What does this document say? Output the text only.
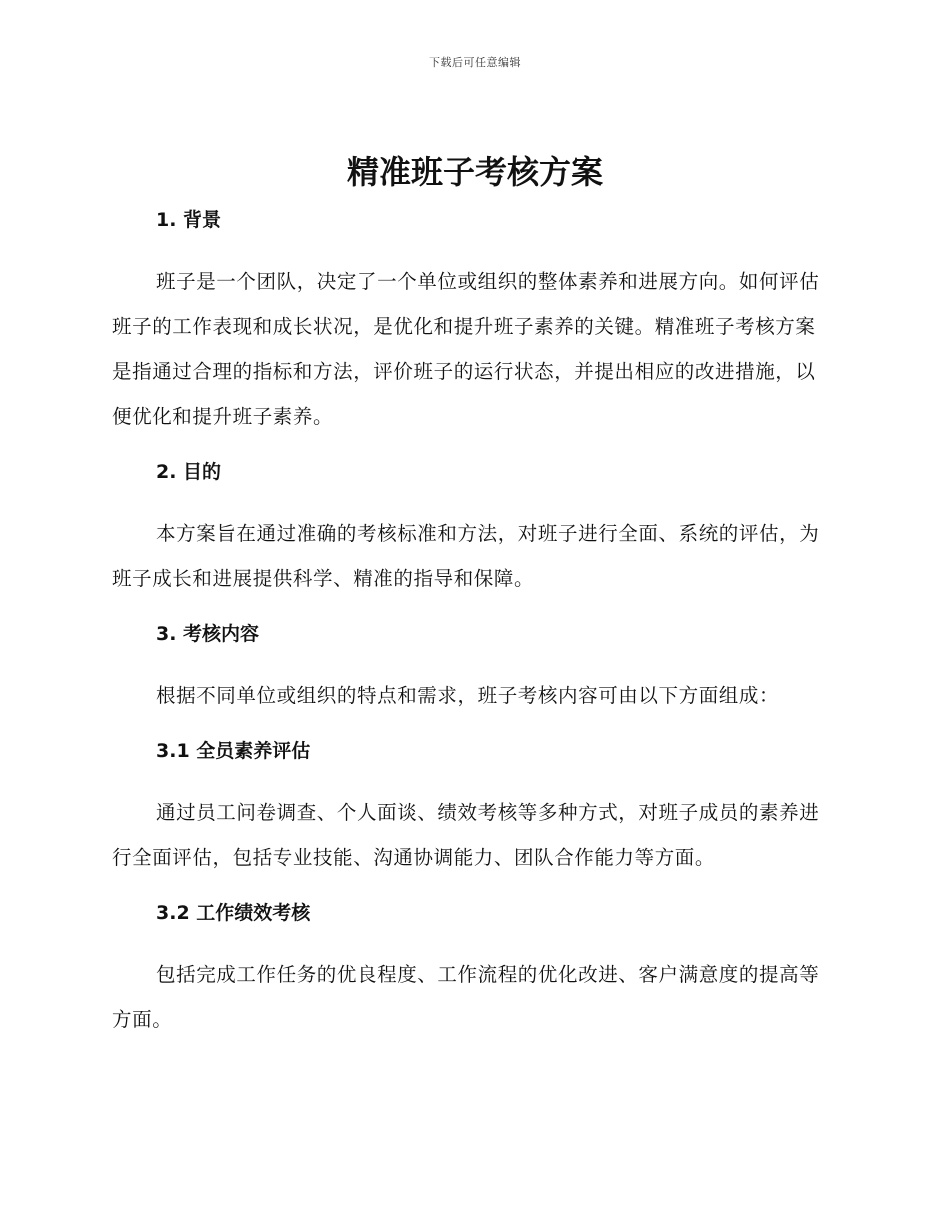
下载后可任意编辑
精准班子考核方案
1. 背景

班子是一个团队，决定了一个单位或组织的整体素养和进展方向。如何评估班子的工作表现和成长状况，是优化和提升班子素养的关键。精准班子考核方案是指通过合理的指标和方法，评价班子的运行状态，并提出相应的改进措施，以便优化和提升班子素养。

2. 目的

本方案旨在通过准确的考核标准和方法，对班子进行全面、系统的评估，为班子成长和进展提供科学、精准的指导和保障。

3. 考核内容

根据不同单位或组织的特点和需求，班子考核内容可由以下方面组成：

3.1 全员素养评估

通过员工问卷调查、个人面谈、绩效考核等多种方式，对班子成员的素养进行全面评估，包括专业技能、沟通协调能力、团队合作能力等方面。

3.2 工作绩效考核

包括完成工作任务的优良程度、工作流程的优化改进、客户满意度的提高等方面。
